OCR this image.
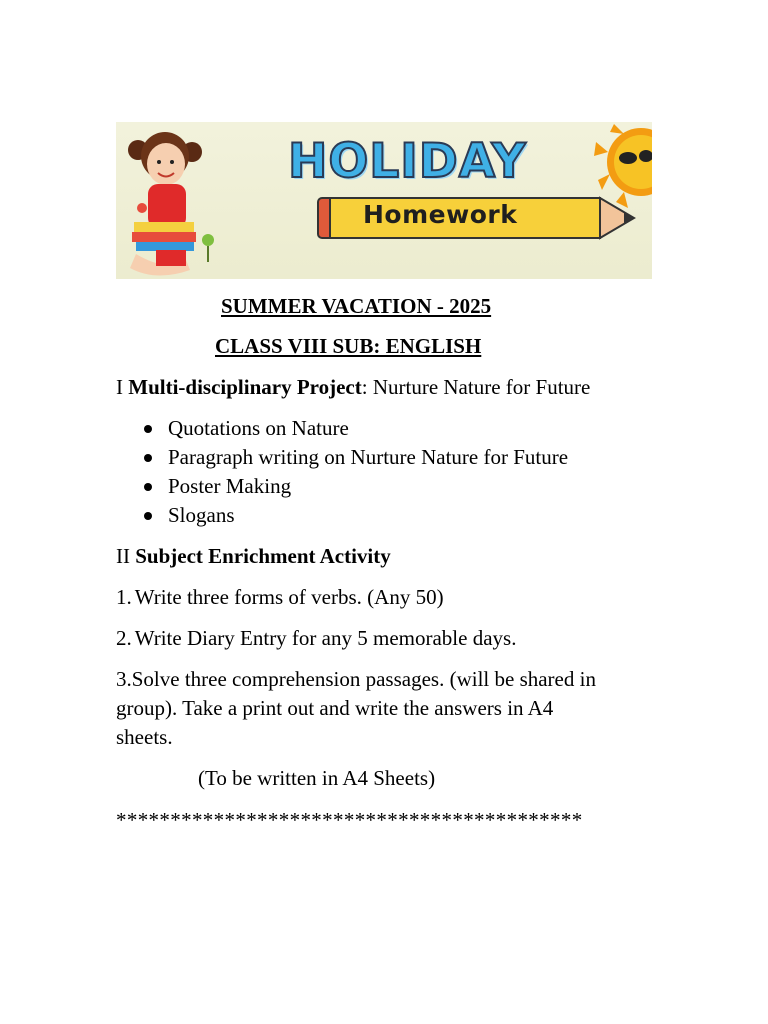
HOLIDAY
Homework
SUMMER VACATION - 2025
CLASS VIII SUB: ENGLISH
I Multi-disciplinary Project: Nurture Nature for Future
Quotations on Nature
Paragraph writing on Nurture Nature for Future
Poster Making
Slogans
II Subject Enrichment Activity
1. Write three forms of verbs. (Any 50)
2. Write Diary Entry for any 5 memorable days.
3.Solve three comprehension passages. (will be shared in
group). Take a print out and write the answers in A4
sheets.
(To be written in A4 Sheets)
*******************************************
